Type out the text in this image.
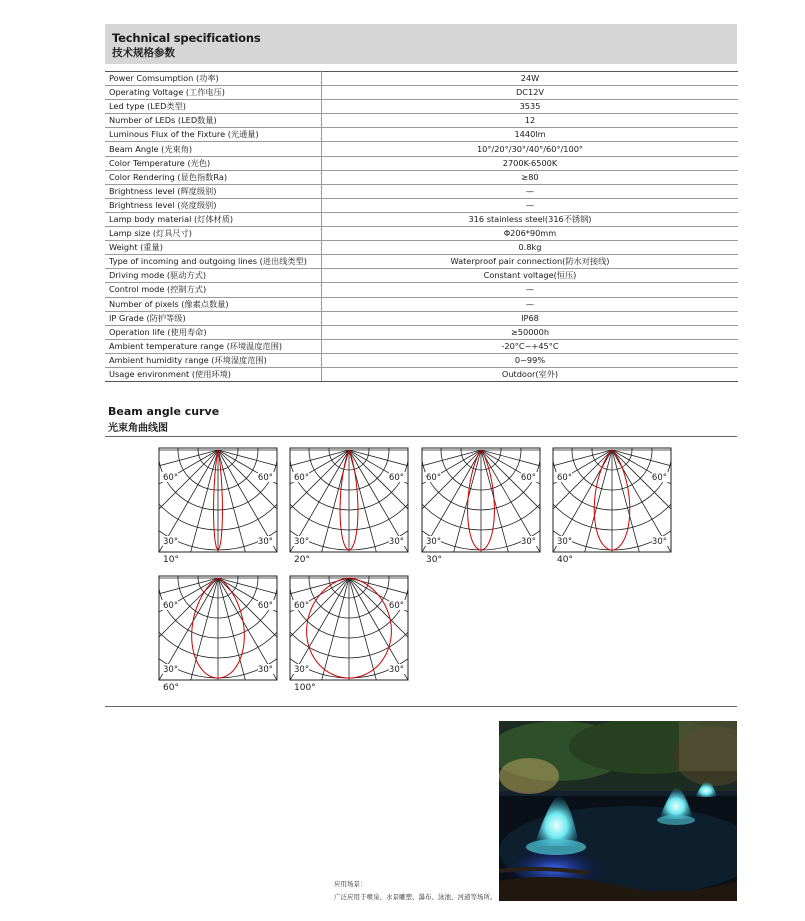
Technical specifications
技术规格参数
Power Comsumption (功率)	24W
Operating Voltage (工作电压)	DC12V
Led type (LED类型)	3535
Number of LEDs (LED数量)	12
Luminous Flux of the Fixture (光通量)	1440lm
Beam Angle (光束角)	10°/20°/30°/40°/60°/100°
Color Temperature (光色)	2700K-6500K
Color Rendering (显色指数Ra)	≥80
Brightness level (辉度级别)	—
Brightness level (亮度级别)	—
Lamp body material (灯体材质)	316 stainless steel(316不锈钢)
Lamp size (灯具尺寸)	Φ206*90mm
Weight (重量)	0.8kg
Type of incoming and outgoing lines (进出线类型)	Waterproof pair connection(防水对接线)
Driving mode (驱动方式)	Constant voltage(恒压)
Control mode (控制方式)	—
Number of pixels (像素点数量)	—
IP Grade (防护等级)	IP68
Operation life (使用寿命)	≥50000h
Ambient temperature range (环境温度范围)	-20°C~+45°C
Ambient humidity range (环境湿度范围)	0~99%
Usage environment (使用环境)	Outdoor(室外)
Beam angle curve
光束角曲线图
60°	60°
30°	30°
10°
60°	60°
30°	30°
20°
60°	60°
30°	30°
30°
60°	60°
30°	30°
40°
60°	60°
30°	30°
60°
60°	60°
30°	30°
100°
应用场景：
广泛应用于喷泉、水景雕塑、瀑布、泳池、河道等场所。
